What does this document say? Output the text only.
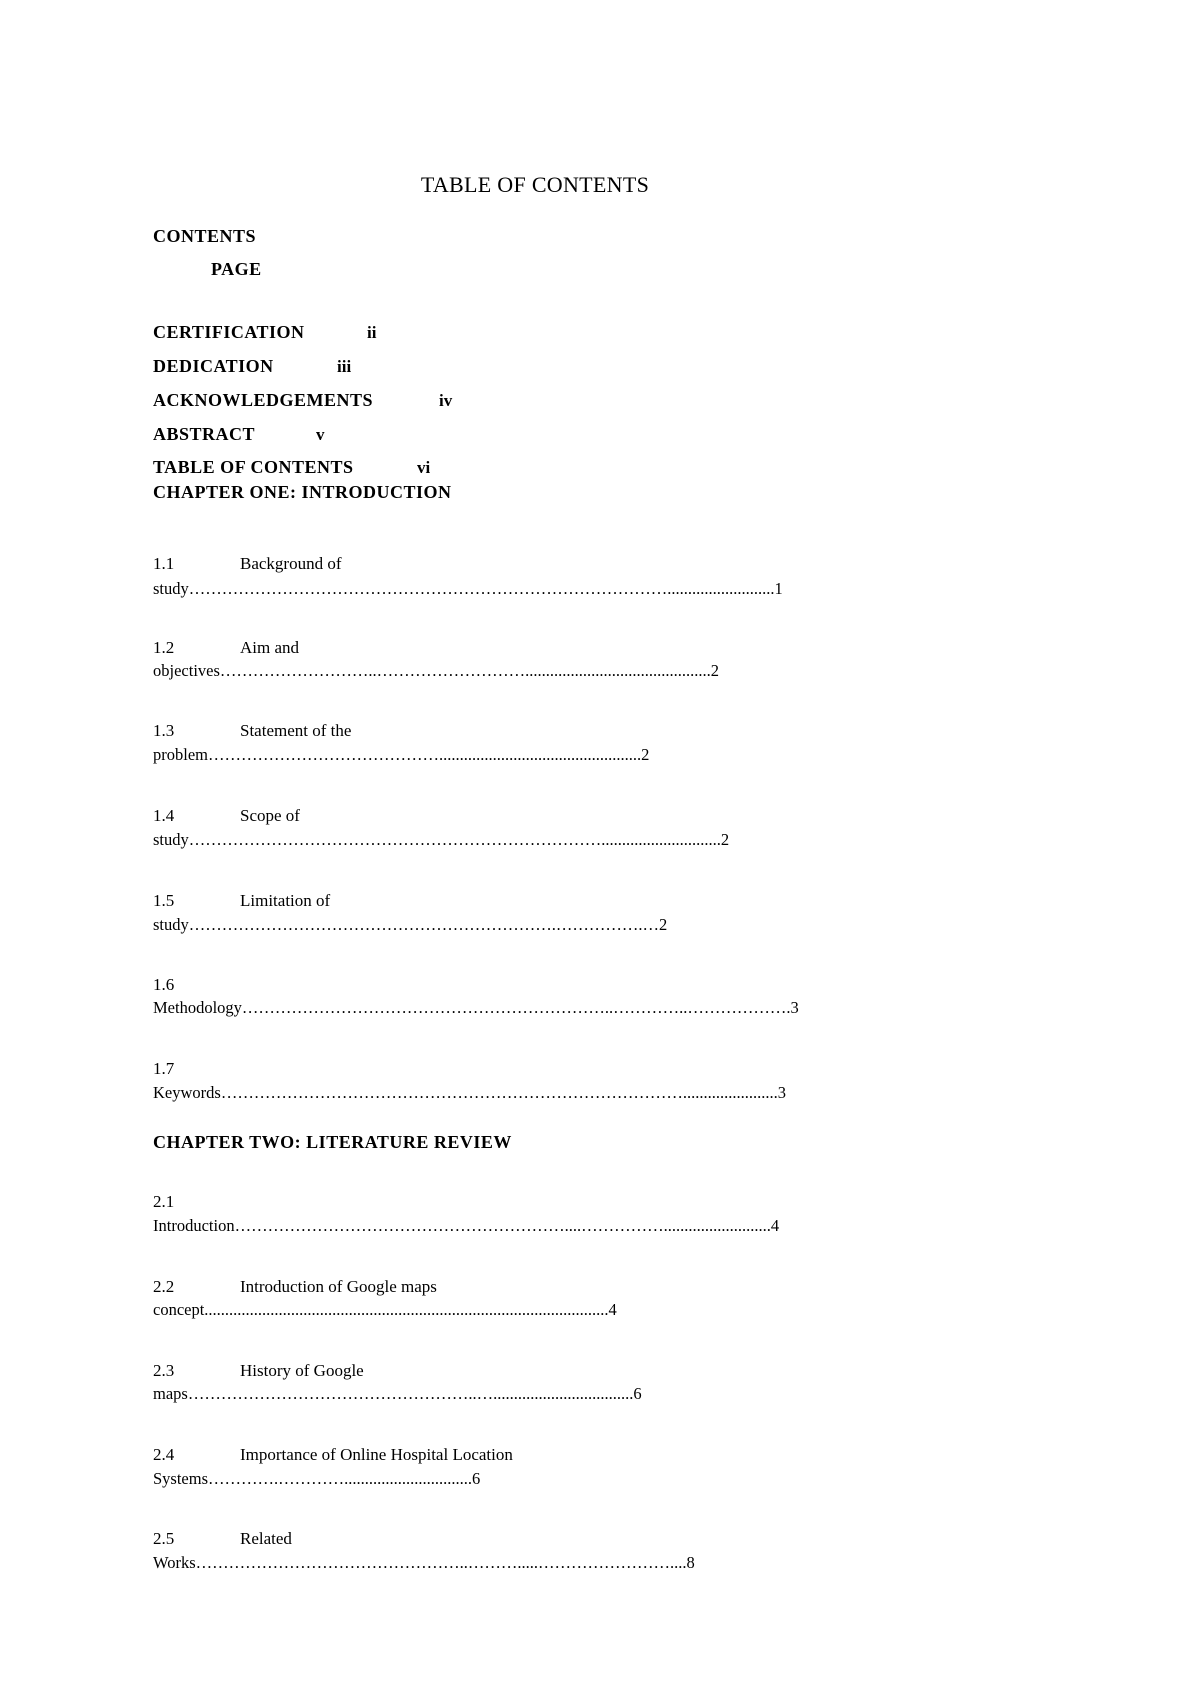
TABLE OF CONTENTS
CONTENTS
PAGE
CERTIFICATION	ii
DEDICATION	iii
ACKNOWLEDGEMENTS	iv
ABSTRACT	v
TABLE OF CONTENTS	vi
CHAPTER ONE: INTRODUCTION
1.1	Background of
study……………………………………………………………………………..........................1
1.2	Aim and
objectives………………………..……………………….............................................2
1.3	Statement of the
problem…………………………………….................................................2
1.4	Scope of
study………………………………………………………………….............................2
1.5	Limitation of
study………………………………………………………….…………….…2
1.6
Methodology…………………………………………………………..…………..……………….3
1.7
Keywords………………………………………………………………………….......................3
CHAPTER TWO: LITERATURE REVIEW
2.1
Introduction……………………………………………………....……………..........................4
2.2	Introduction of Google maps
concept..................................................................................................4
2.3	History of Google
maps……………………………………………..…..................................6
2.4	Importance of Online Hospital Location
Systems………….…………...............................6
2.5	Related
Works…………………………………………..……….....……………………....8
